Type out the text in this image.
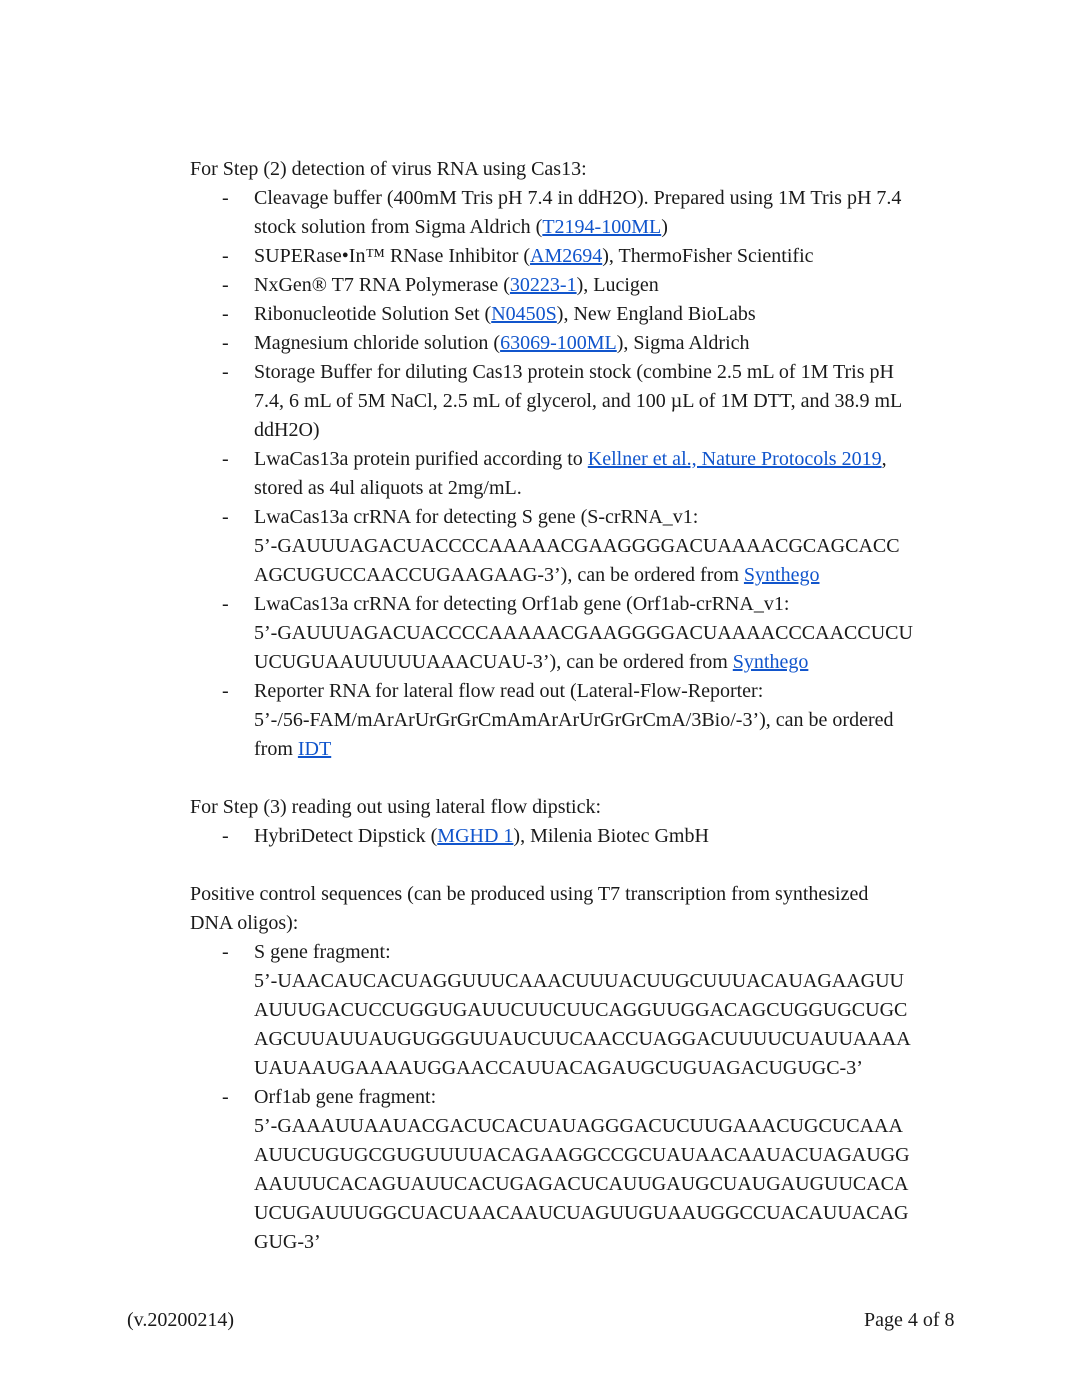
For Step (2) detection of virus RNA using Cas13:
- Cleavage buffer (400mM Tris pH 7.4 in ddH2O). Prepared using 1M Tris pH 7.4
stock solution from Sigma Aldrich (T2194-100ML)
- SUPERase•In™ RNase Inhibitor (AM2694), ThermoFisher Scientific
- NxGen® T7 RNA Polymerase (30223-1), Lucigen
- Ribonucleotide Solution Set (N0450S), New England BioLabs
- Magnesium chloride solution (63069-100ML), Sigma Aldrich
- Storage Buffer for diluting Cas13 protein stock (combine 2.5 mL of 1M Tris pH
7.4, 6 mL of 5M NaCl, 2.5 mL of glycerol, and 100 µL of 1M DTT, and 38.9 mL
ddH2O)
- LwaCas13a protein purified according to Kellner et al., Nature Protocols 2019,
stored as 4ul aliquots at 2mg/mL.
- LwaCas13a crRNA for detecting S gene (S-crRNA_v1:
5’-GAUUUAGACUACCCCAAAAACGAAGGGGACUAAAACGCAGCACC
AGCUGUCCAACCUGAAGAAG-3’), can be ordered from Synthego
- LwaCas13a crRNA for detecting Orf1ab gene (Orf1ab-crRNA_v1:
5’-GAUUUAGACUACCCCAAAAACGAAGGGGACUAAAACCCAACCUCU
UCUGUAAUUUUUAAACUAU-3’), can be ordered from Synthego
- Reporter RNA for lateral flow read out (Lateral-Flow-Reporter:
5’-/56-FAM/mArArUrGrGrCmAmArArUrGrGrCmA/3Bio/-3’), can be ordered
from IDT
For Step (3) reading out using lateral flow dipstick:
- HybriDetect Dipstick (MGHD 1), Milenia Biotec GmbH
Positive control sequences (can be produced using T7 transcription from synthesized
DNA oligos):
- S gene fragment:
5’-UAACAUCACUAGGUUUCAAACUUUACUUGCUUUACAUAGAAGUU
AUUUGACUCCUGGUGAUUCUUCUUCAGGUUGGACAGCUGGUGCUGC
AGCUUAUUAUGUGGGUUAUCUUCAACCUAGGACUUUUCUAUUAAAA
UAUAAUGAAAAUGGAACCAUUACAGAUGCUGUAGACUGUGC-3’
- Orf1ab gene fragment:
5’-GAAAUUAAUACGACUCACUAUAGGGACUCUUGAAACUGCUCAAA
AUUCUGUGCGUGUUUUACAGAAGGCCGCUAUAACAAUACUAGAUGG
AAUUUCACAGUAUUCACUGAGACUCAUUGAUGCUAUGAUGUUCACA
UCUGAUUUGGCUACUAACAAUCUAGUUGUAAUGGCCUACAUUACAG
GUG-3’
(v.20200214)	Page 4 of 8
